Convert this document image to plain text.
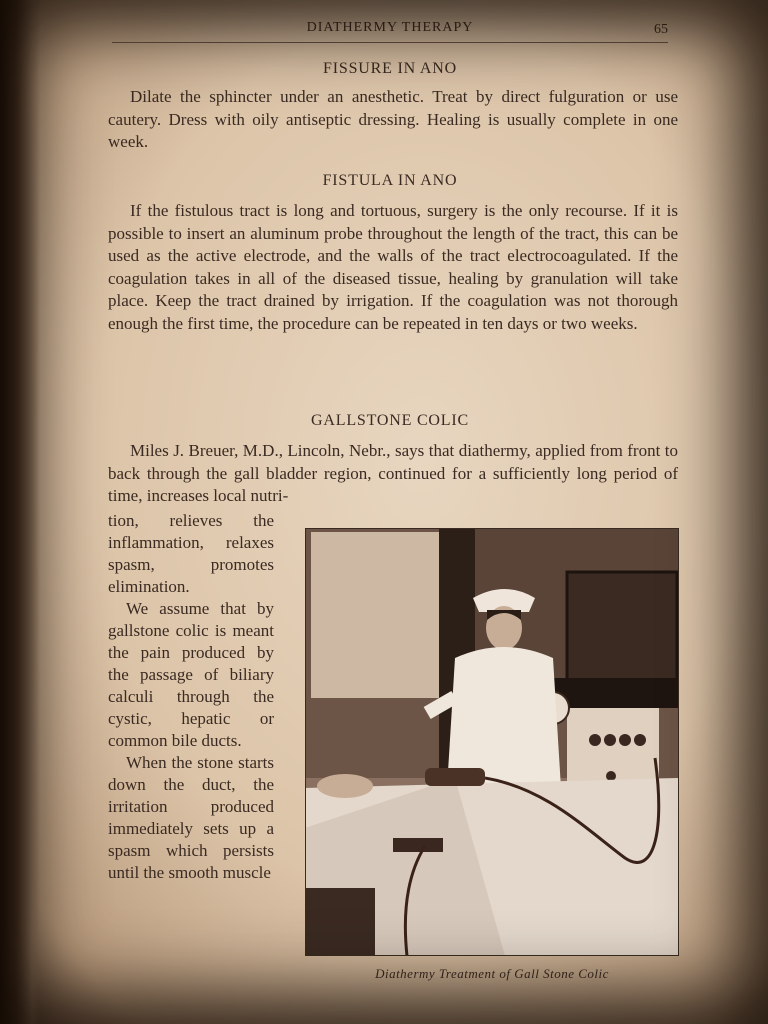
DIATHERMY THERAPY	65
FISSURE IN ANO

Dilate the sphincter under an anesthetic. Treat by direct fulguration or use cautery. Dress with oily antiseptic dressing. Healing is usually complete in one week.

FISTULA IN ANO

If the fistulous tract is long and tortuous, surgery is the only recourse. If it is possible to insert an aluminum probe throughout the length of the tract, this can be used as the active electrode, and the walls of the tract electrocoagulated. If the coagulation takes in all of the diseased tissue, healing by granulation will take place. Keep the tract drained by irrigation. If the coagulation was not thorough enough the first time, the procedure can be repeated in ten days or two weeks.

GALLSTONE COLIC

Miles J. Breuer, M.D., Lincoln, Nebr., says that diathermy, applied from front to back through the gall bladder region, continued for a sufficiently long period of time, increases local nutri-

tion, relieves the inflammation, relaxes spasm, promotes elimination.

We assume that by gallstone colic is meant the pain produced by the passage of biliary calculi through the cystic, hepatic or common bile ducts.

When the stone starts down the duct, the irritation produced immediately sets up a spasm which persists until the smooth muscle

Diathermy Treatment of Gall Stone Colic
